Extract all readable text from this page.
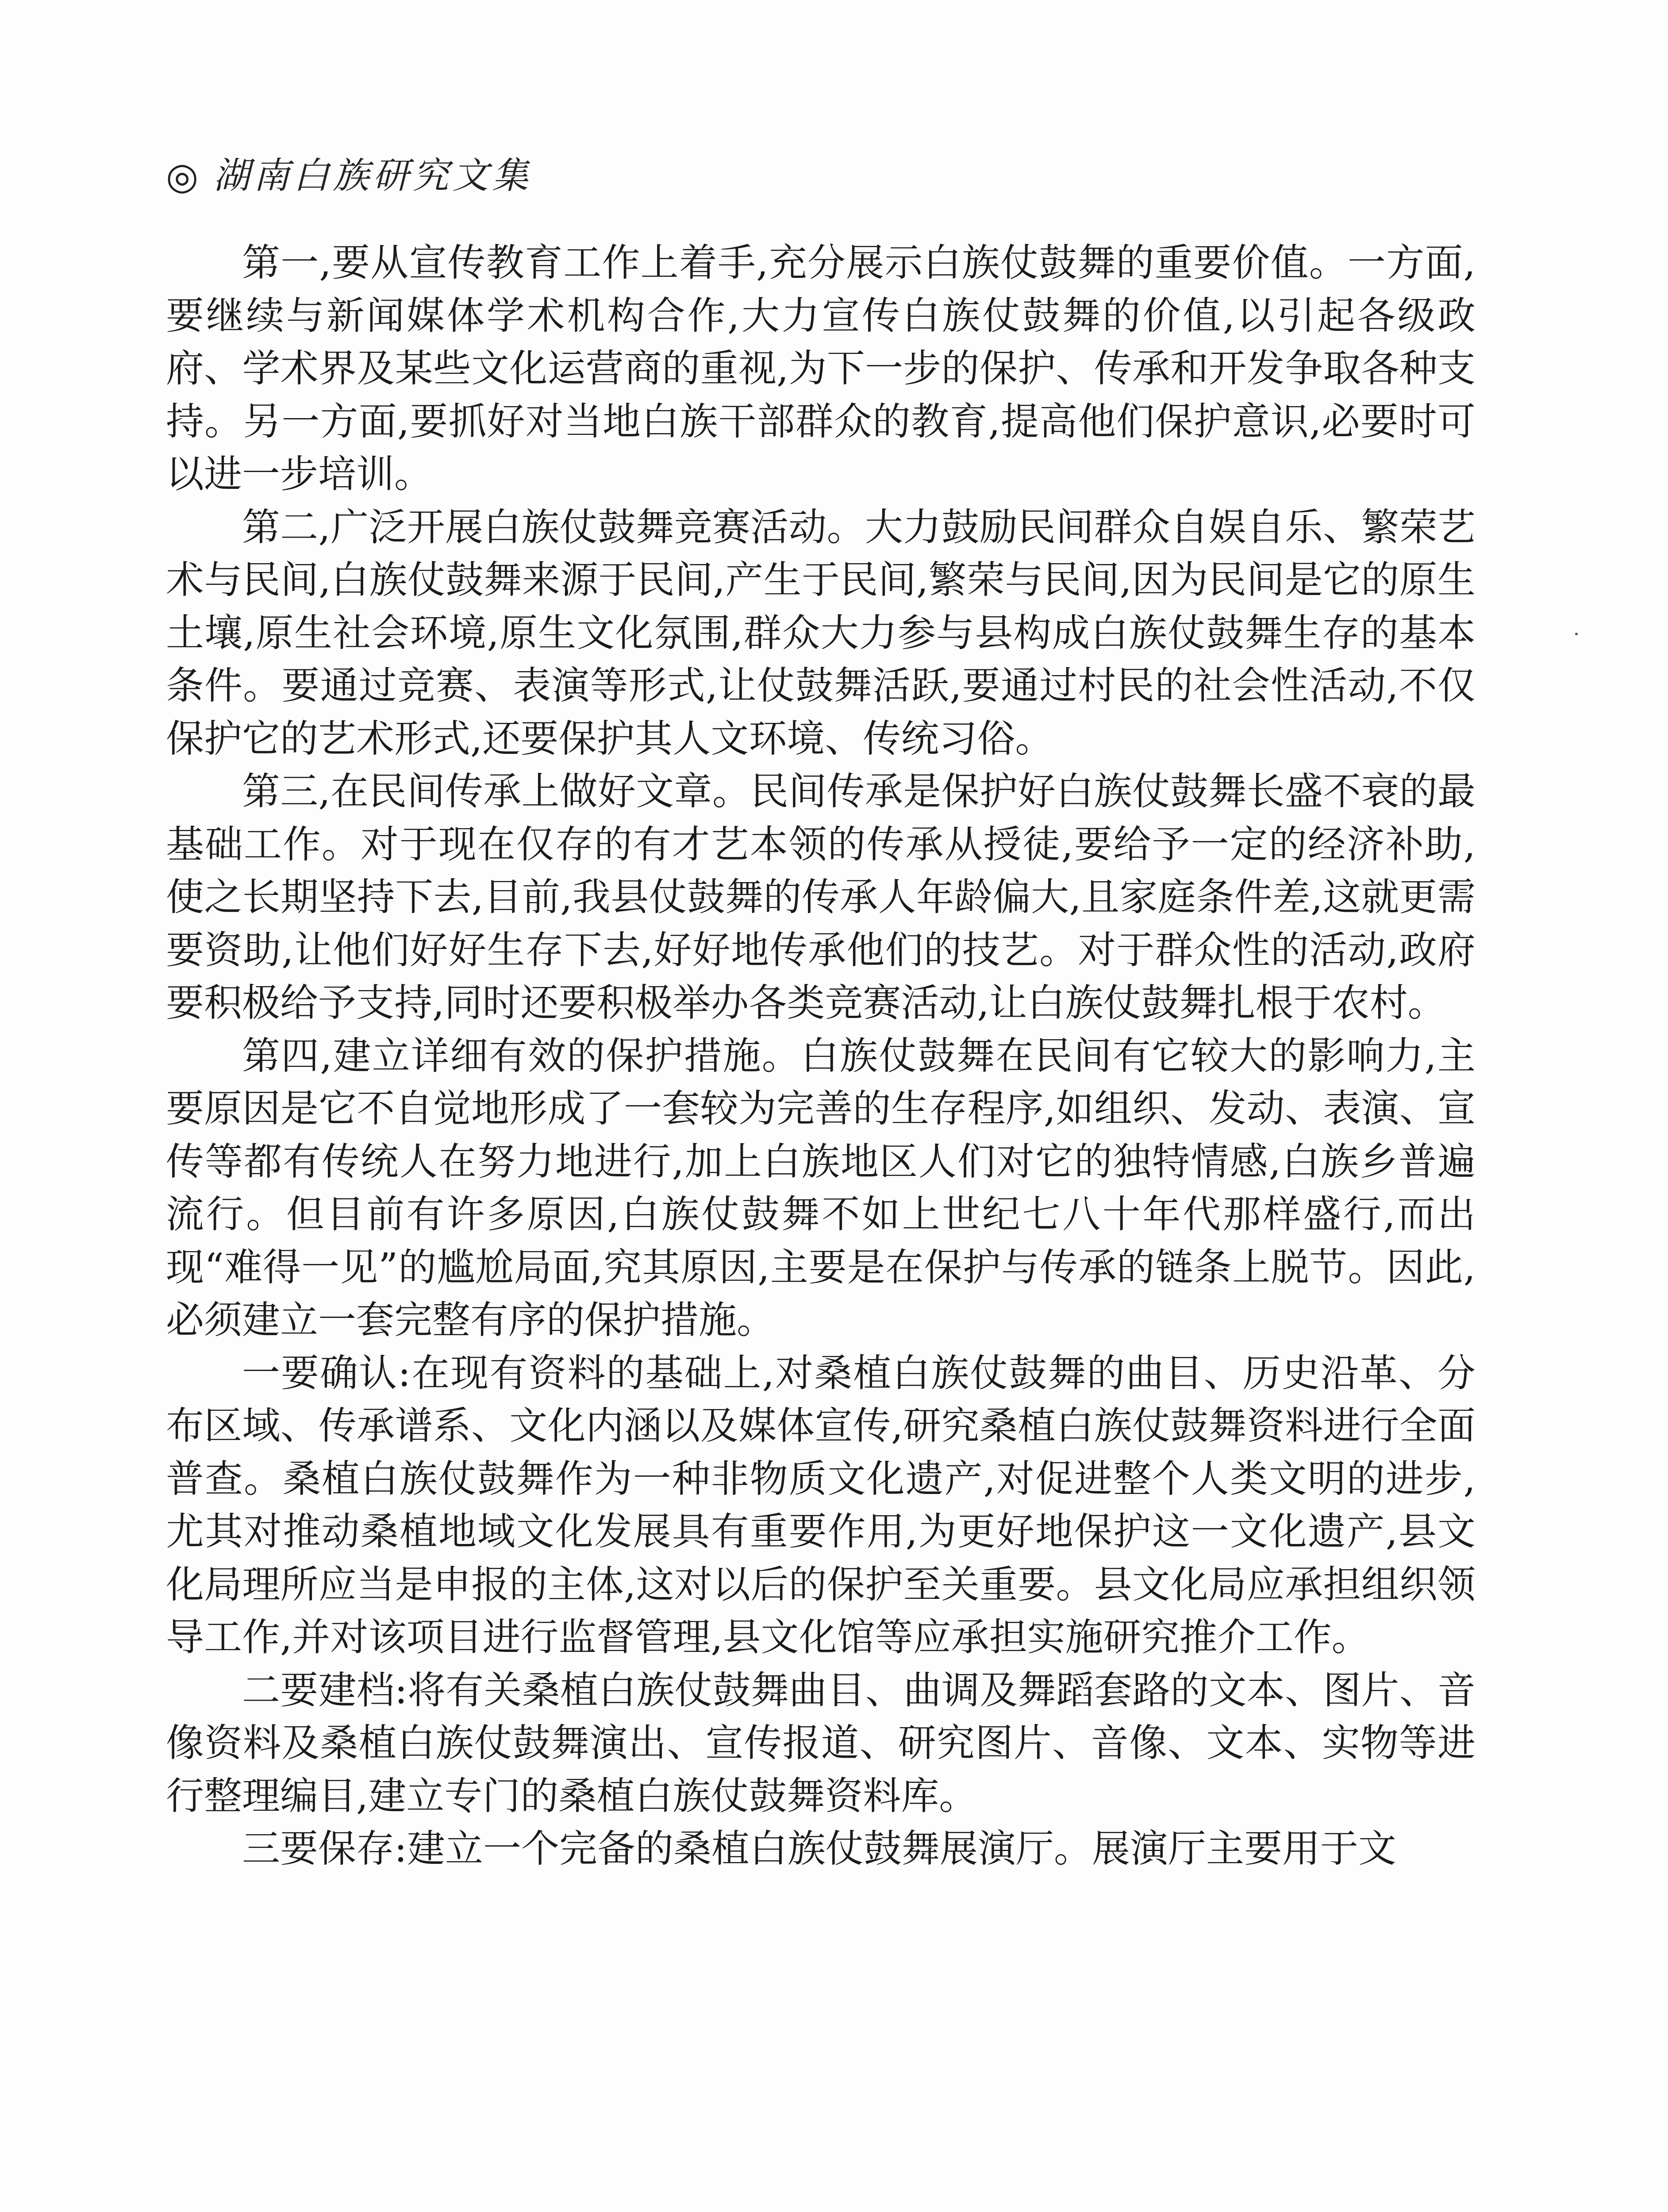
◎ 湖南白族研究文集

第一,要从宣传教育工作上着手,充分展示白族仗鼓舞的重要价值。一方面,要继续与新闻媒体学术机构合作,大力宣传白族仗鼓舞的价值,以引起各级政府、学术界及某些文化运营商的重视,为下一步的保护、传承和开发争取各种支持。另一方面,要抓好对当地白族干部群众的教育,提高他们保护意识,必要时可以进一步培训。

第二,广泛开展白族仗鼓舞竞赛活动。大力鼓励民间群众自娱自乐、繁荣艺术与民间,白族仗鼓舞来源于民间,产生于民间,繁荣与民间,因为民间是它的原生土壤,原生社会环境,原生文化氛围,群众大力参与县构成白族仗鼓舞生存的基本条件。要通过竞赛、表演等形式,让仗鼓舞活跃,要通过村民的社会性活动,不仅保护它的艺术形式,还要保护其人文环境、传统习俗。

第三,在民间传承上做好文章。民间传承是保护好白族仗鼓舞长盛不衰的最基础工作。对于现在仅存的有才艺本领的传承从授徒,要给予一定的经济补助,使之长期坚持下去,目前,我县仗鼓舞的传承人年龄偏大,且家庭条件差,这就更需要资助,让他们好好生存下去,好好地传承他们的技艺。对于群众性的活动,政府要积极给予支持,同时还要积极举办各类竞赛活动,让白族仗鼓舞扎根于农村。

第四,建立详细有效的保护措施。白族仗鼓舞在民间有它较大的影响力,主要原因是它不自觉地形成了一套较为完善的生存程序,如组织、发动、表演、宣传等都有传统人在努力地进行,加上白族地区人们对它的独特情感,白族乡普遍流行。但目前有许多原因,白族仗鼓舞不如上世纪七八十年代那样盛行,而出现“难得一见”的尴尬局面,究其原因,主要是在保护与传承的链条上脱节。因此,必须建立一套完整有序的保护措施。

一要确认:在现有资料的基础上,对桑植白族仗鼓舞的曲目、历史沿革、分布区域、传承谱系、文化内涵以及媒体宣传,研究桑植白族仗鼓舞资料进行全面普查。桑植白族仗鼓舞作为一种非物质文化遗产,对促进整个人类文明的进步,尤其对推动桑植地域文化发展具有重要作用,为更好地保护这一文化遗产,县文化局理所应当是申报的主体,这对以后的保护至关重要。县文化局应承担组织领导工作,并对该项目进行监督管理,县文化馆等应承担实施研究推介工作。

二要建档:将有关桑植白族仗鼓舞曲目、曲调及舞蹈套路的文本、图片、音像资料及桑植白族仗鼓舞演出、宣传报道、研究图片、音像、文本、实物等进行整理编目,建立专门的桑植白族仗鼓舞资料库。

三要保存:建立一个完备的桑植白族仗鼓舞展演厅。展演厅主要用于文
